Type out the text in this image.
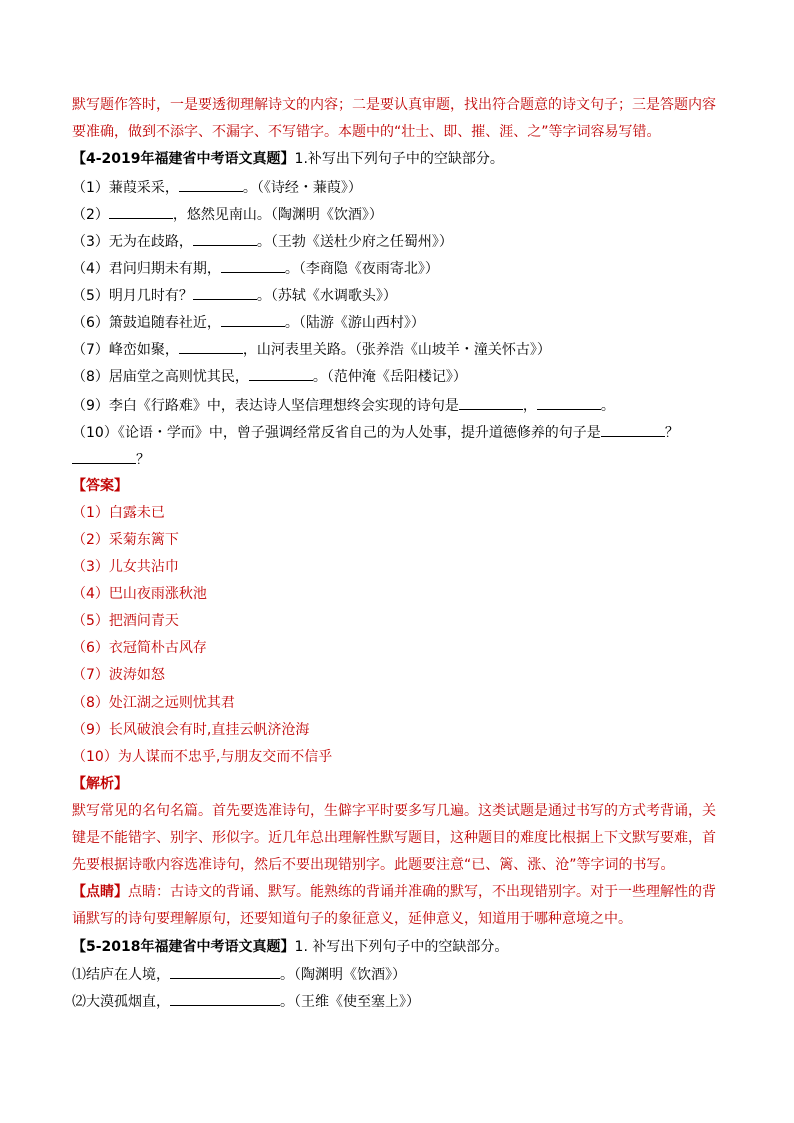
默写题作答时，一是要透彻理解诗文的内容；二是要认真审题，找出符合题意的诗文句子；三是答题内容
要准确，做到不添字、不漏字、不写错字。本题中的“壮士、即、摧、涯、之”等字词容易写错。
【4-2019年福建省中考语文真题】1.补写出下列句子中的空缺部分。
（1）蒹葭采采，	。（《诗经・蒹葭》）
（2）	，悠然见南山。（陶渊明《饮酒》）
（3）无为在歧路，	。（王勃《送杜少府之任蜀州》）
（4）君问归期未有期，	。（李商隐《夜雨寄北》）
（5）明月几时有？	。（苏轼《水调歌头》）
（6）箫鼓追随春社近，	。（陆游《游山西村》）
（7）峰峦如聚，	，山河表里关路。（张养浩《山坡羊・潼关怀古》）
（8）居庙堂之高则忧其民，	。（范仲淹《岳阳楼记》）
（9）李白《行路难》中，表达诗人坚信理想终会实现的诗句是	，	。
（10）《论语・学而》中，曾子强调经常反省自己的为人处事，提升道德修养的句子是	？
？
【答案】
（1）白露未已
（2）采菊东篱下
（3）儿女共沾巾
（4）巴山夜雨涨秋池
（5）把酒问青天
（6）衣冠简朴古风存
（7）波涛如怒
（8）处江湖之远则忧其君
（9）长风破浪会有时,直挂云帆济沧海
（10）为人谋而不忠乎,与朋友交而不信乎
【解析】
默写常见的名句名篇。首先要选准诗句，生僻字平时要多写几遍。这类试题是通过书写的方式考背诵，关
键是不能错字、别字、形似字。近几年总出理解性默写题目，这种题目的难度比根据上下文默写要难，首
先要根据诗歌内容选准诗句，然后不要出现错别字。此题要注意“已、篱、涨、沧”等字词的书写。
【点睛】点睛：古诗文的背诵、默写。能熟练的背诵并准确的默写，不出现错别字。对于一些理解性的背
诵默写的诗句要理解原句，还要知道句子的象征意义，延伸意义，知道用于哪种意境之中。
【5-2018年福建省中考语文真题】1. 补写出下列句子中的空缺部分。
⑴结庐在人境，	。（陶渊明《饮酒》）
⑵大漠孤烟直，	。（王维《使至塞上》）
